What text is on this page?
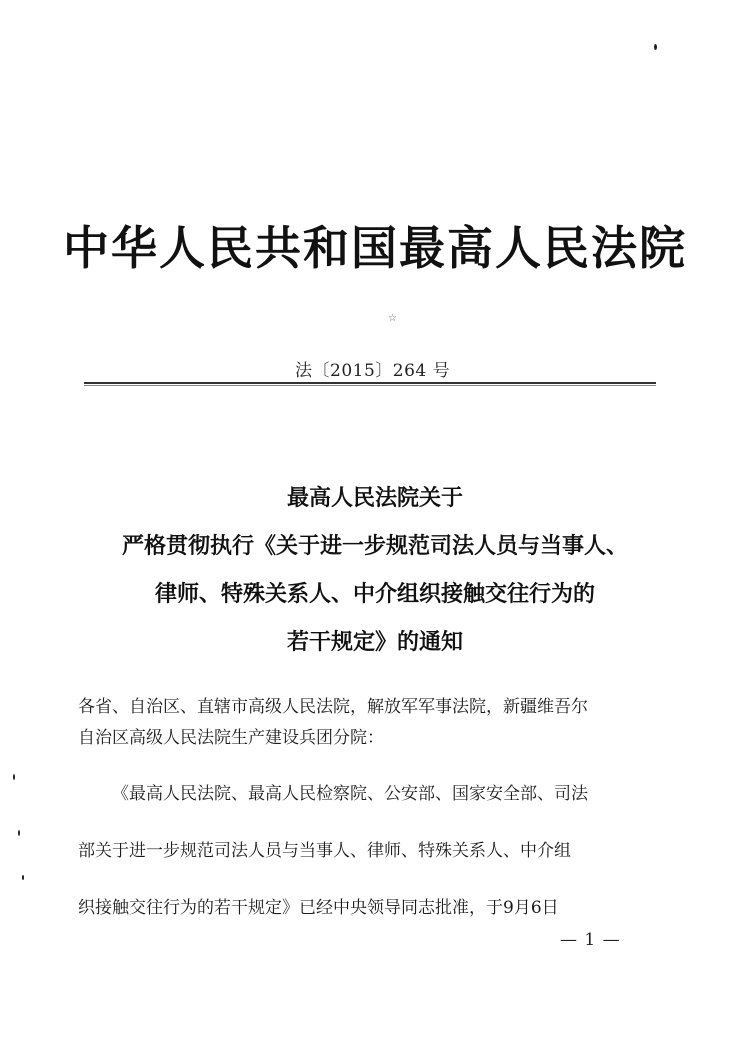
中华人民共和国最高人民法院
☆
法〔2015〕264 号
最高人民法院关于
严格贯彻执行《关于进一步规范司法人员与当事人、
律师、特殊关系人、中介组织接触交往行为的
若干规定》的通知
各省、自治区、直辖市高级人民法院，解放军军事法院，新疆维吾尔
自治区高级人民法院生产建设兵团分院：
《最高人民法院、最高人民检察院、公安部、国家安全部、司法
部关于进一步规范司法人员与当事人、律师、特殊关系人、中介组
织接触交往行为的若干规定》已经中央领导同志批准，于9月6日
— 1 —
